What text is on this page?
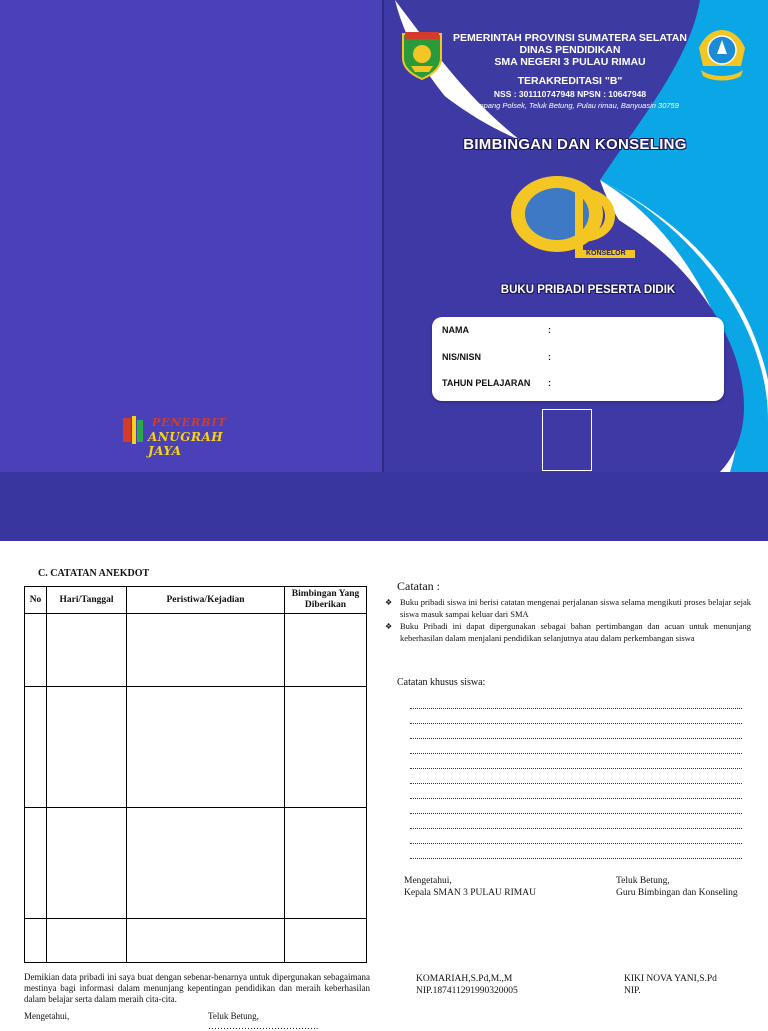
PENERBIT
ANUGRAH JAYA
PEMERINTAH PROVINSI SUMATERA SELATAN
DINAS PENDIDIKAN
SMA NEGERI 3 PULAU RIMAU
TERAKREDITASI "B"
NSS : 301110747948 NPSN : 10647948
Jl. Simpang Polsek, Teluk Betung, Pulau rimau, Banyuasin 30759
BIMBINGAN DAN KONSELING
KONSELOR
BUKU PRIBADI PESERTA DIDIK
NAMA	:
NIS/NISN	:
TAHUN PELAJARAN :
C. CATATAN ANEKDOT
No	Hari/Tanggal	Peristiwa/Kejadian	Bimbingan Yang Diberikan

Demikian data pribadi ini saya buat dengan sebenar-benarnya untuk dipergunakan sebagaimana mestinya bagi informasi dalam menunjang kepentingan pendidikan dan meraih keberhasilan dalam belajar serta dalam meraih cita-cita.
Mengetahui,	Teluk Betung, ……………………………….
Catatan :
❖ Buku pribadi siswa ini berisi catatan mengenai perjalanan siswa selama mengikuti proses belajar sejak siswa masuk sampai keluar dari SMA
❖ Buku Pribadi ini dapat dipergunakan sebagai bahan pertimbangan dan acuan untuk menunjang keberhasilan dalam menjalani pendidikan selanjutnya atau dalam perkembangan siswa
Catatan khusus siswa:
Mengetahui,
Kepala SMAN 3 PULAU RIMAU
Teluk Betung,
Guru Bimbingan dan Konseling
KOMARIAH,S.Pd,M.,M
NIP.187411291990320005
KIKI NOVA YANI,S.Pd
NIP.
